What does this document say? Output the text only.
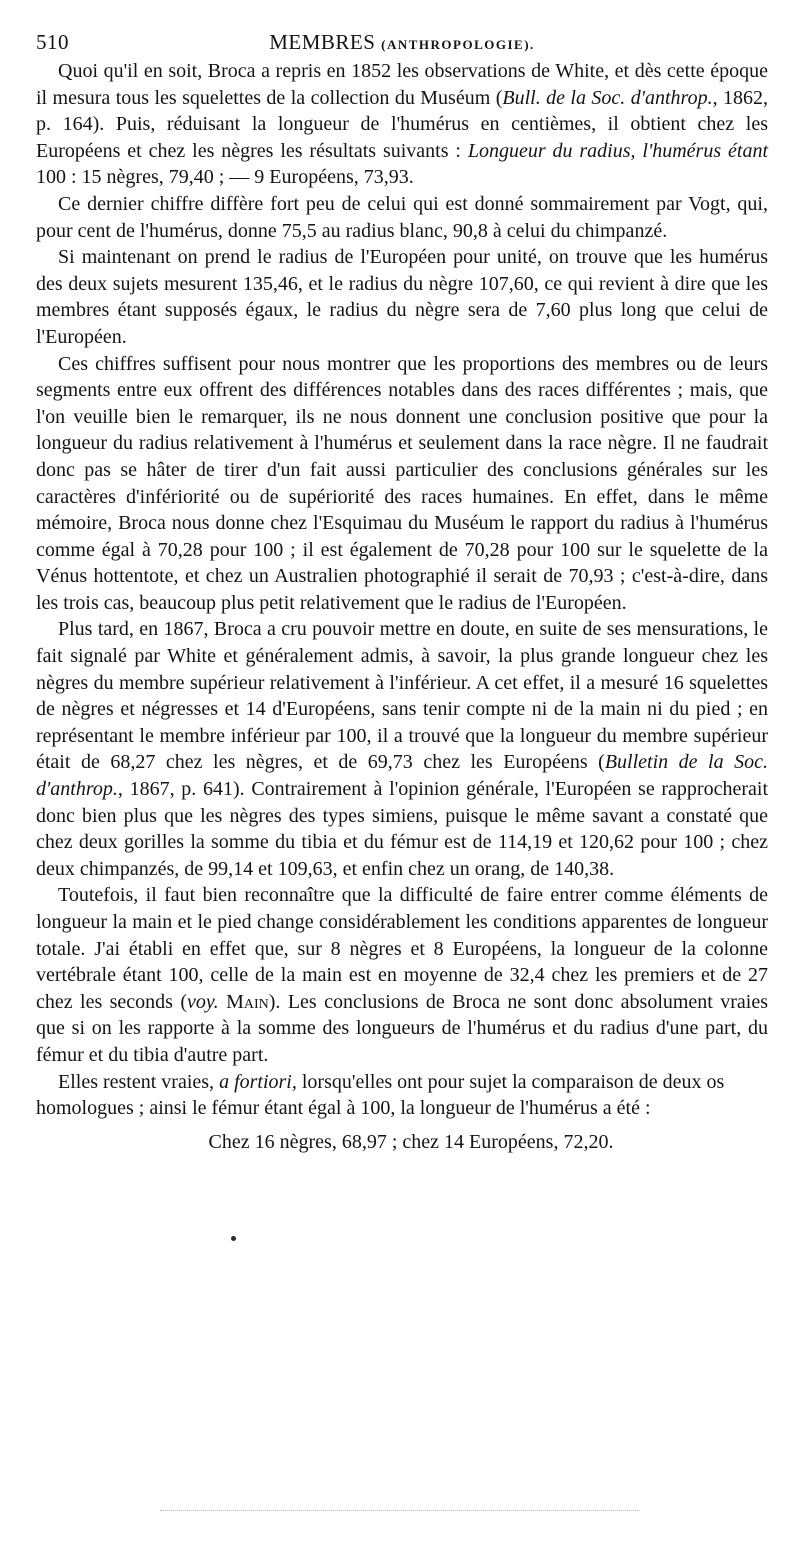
510	MEMBRES (ANTHROPOLOGIE).

Quoi qu'il en soit, Broca a repris en 1852 les observations de White, et dès cette époque il mesura tous les squelettes de la collection du Muséum (Bull. de la Soc. d'anthrop., 1862, p. 164). Puis, réduisant la longueur de l'humérus en centièmes, il obtient chez les Européens et chez les nègres les résultats suivants : Longueur du radius, l'humérus étant 100 : 15 nègres, 79,40 ; — 9 Européens, 73,93.

Ce dernier chiffre diffère fort peu de celui qui est donné sommairement par Vogt, qui, pour cent de l'humérus, donne 75,5 au radius blanc, 90,8 à celui du chimpanzé.

Si maintenant on prend le radius de l'Européen pour unité, on trouve que les humérus des deux sujets mesurent 135,46, et le radius du nègre 107,60, ce qui revient à dire que les membres étant supposés égaux, le radius du nègre sera de 7,60 plus long que celui de l'Européen.

Ces chiffres suffisent pour nous montrer que les proportions des membres ou de leurs segments entre eux offrent des différences notables dans des races différentes ; mais, que l'on veuille bien le remarquer, ils ne nous donnent une conclusion positive que pour la longueur du radius relativement à l'humérus et seulement dans la race nègre. Il ne faudrait donc pas se hâter de tirer d'un fait aussi particulier des conclusions générales sur les caractères d'infériorité ou de supériorité des races humaines. En effet, dans le même mémoire, Broca nous donne chez l'Esquimau du Muséum le rapport du radius à l'humérus comme égal à 70,28 pour 100 ; il est également de 70,28 pour 100 sur le squelette de la Vénus hottentote, et chez un Australien photographié il serait de 70,93 ; c'est-à-dire, dans les trois cas, beaucoup plus petit relativement que le radius de l'Européen.

Plus tard, en 1867, Broca a cru pouvoir mettre en doute, en suite de ses mensurations, le fait signalé par White et généralement admis, à savoir, la plus grande longueur chez les nègres du membre supérieur relativement à l'inférieur. A cet effet, il a mesuré 16 squelettes de nègres et négresses et 14 d'Européens, sans tenir compte ni de la main ni du pied ; en représentant le membre inférieur par 100, il a trouvé que la longueur du membre supérieur était de 68,27 chez les nègres, et de 69,73 chez les Européens (Bulletin de la Soc. d'anthrop., 1867, p. 641). Contrairement à l'opinion générale, l'Européen se rapprocherait donc bien plus que les nègres des types simiens, puisque le même savant a constaté que chez deux gorilles la somme du tibia et du fémur est de 114,19 et 120,62 pour 100 ; chez deux chimpanzés, de 99,14 et 109,63, et enfin chez un orang, de 140,38.

Toutefois, il faut bien reconnaître que la difficulté de faire entrer comme éléments de longueur la main et le pied change considérablement les conditions apparentes de longueur totale. J'ai établi en effet que, sur 8 nègres et 8 Européens, la longueur de la colonne vertébrale étant 100, celle de la main est en moyenne de 32,4 chez les premiers et de 27 chez les seconds (voy. Main). Les conclusions de Broca ne sont donc absolument vraies que si on les rapporte à la somme des longueurs de l'humérus et du radius d'une part, du fémur et du tibia d'autre part.

Elles restent vraies, a fortiori, lorsqu'elles ont pour sujet la comparaison de deux os homologues ; ainsi le fémur étant égal à 100, la longueur de l'humérus a été :

Chez 16 nègres, 68,97 ; chez 14 Européens, 72,20.
